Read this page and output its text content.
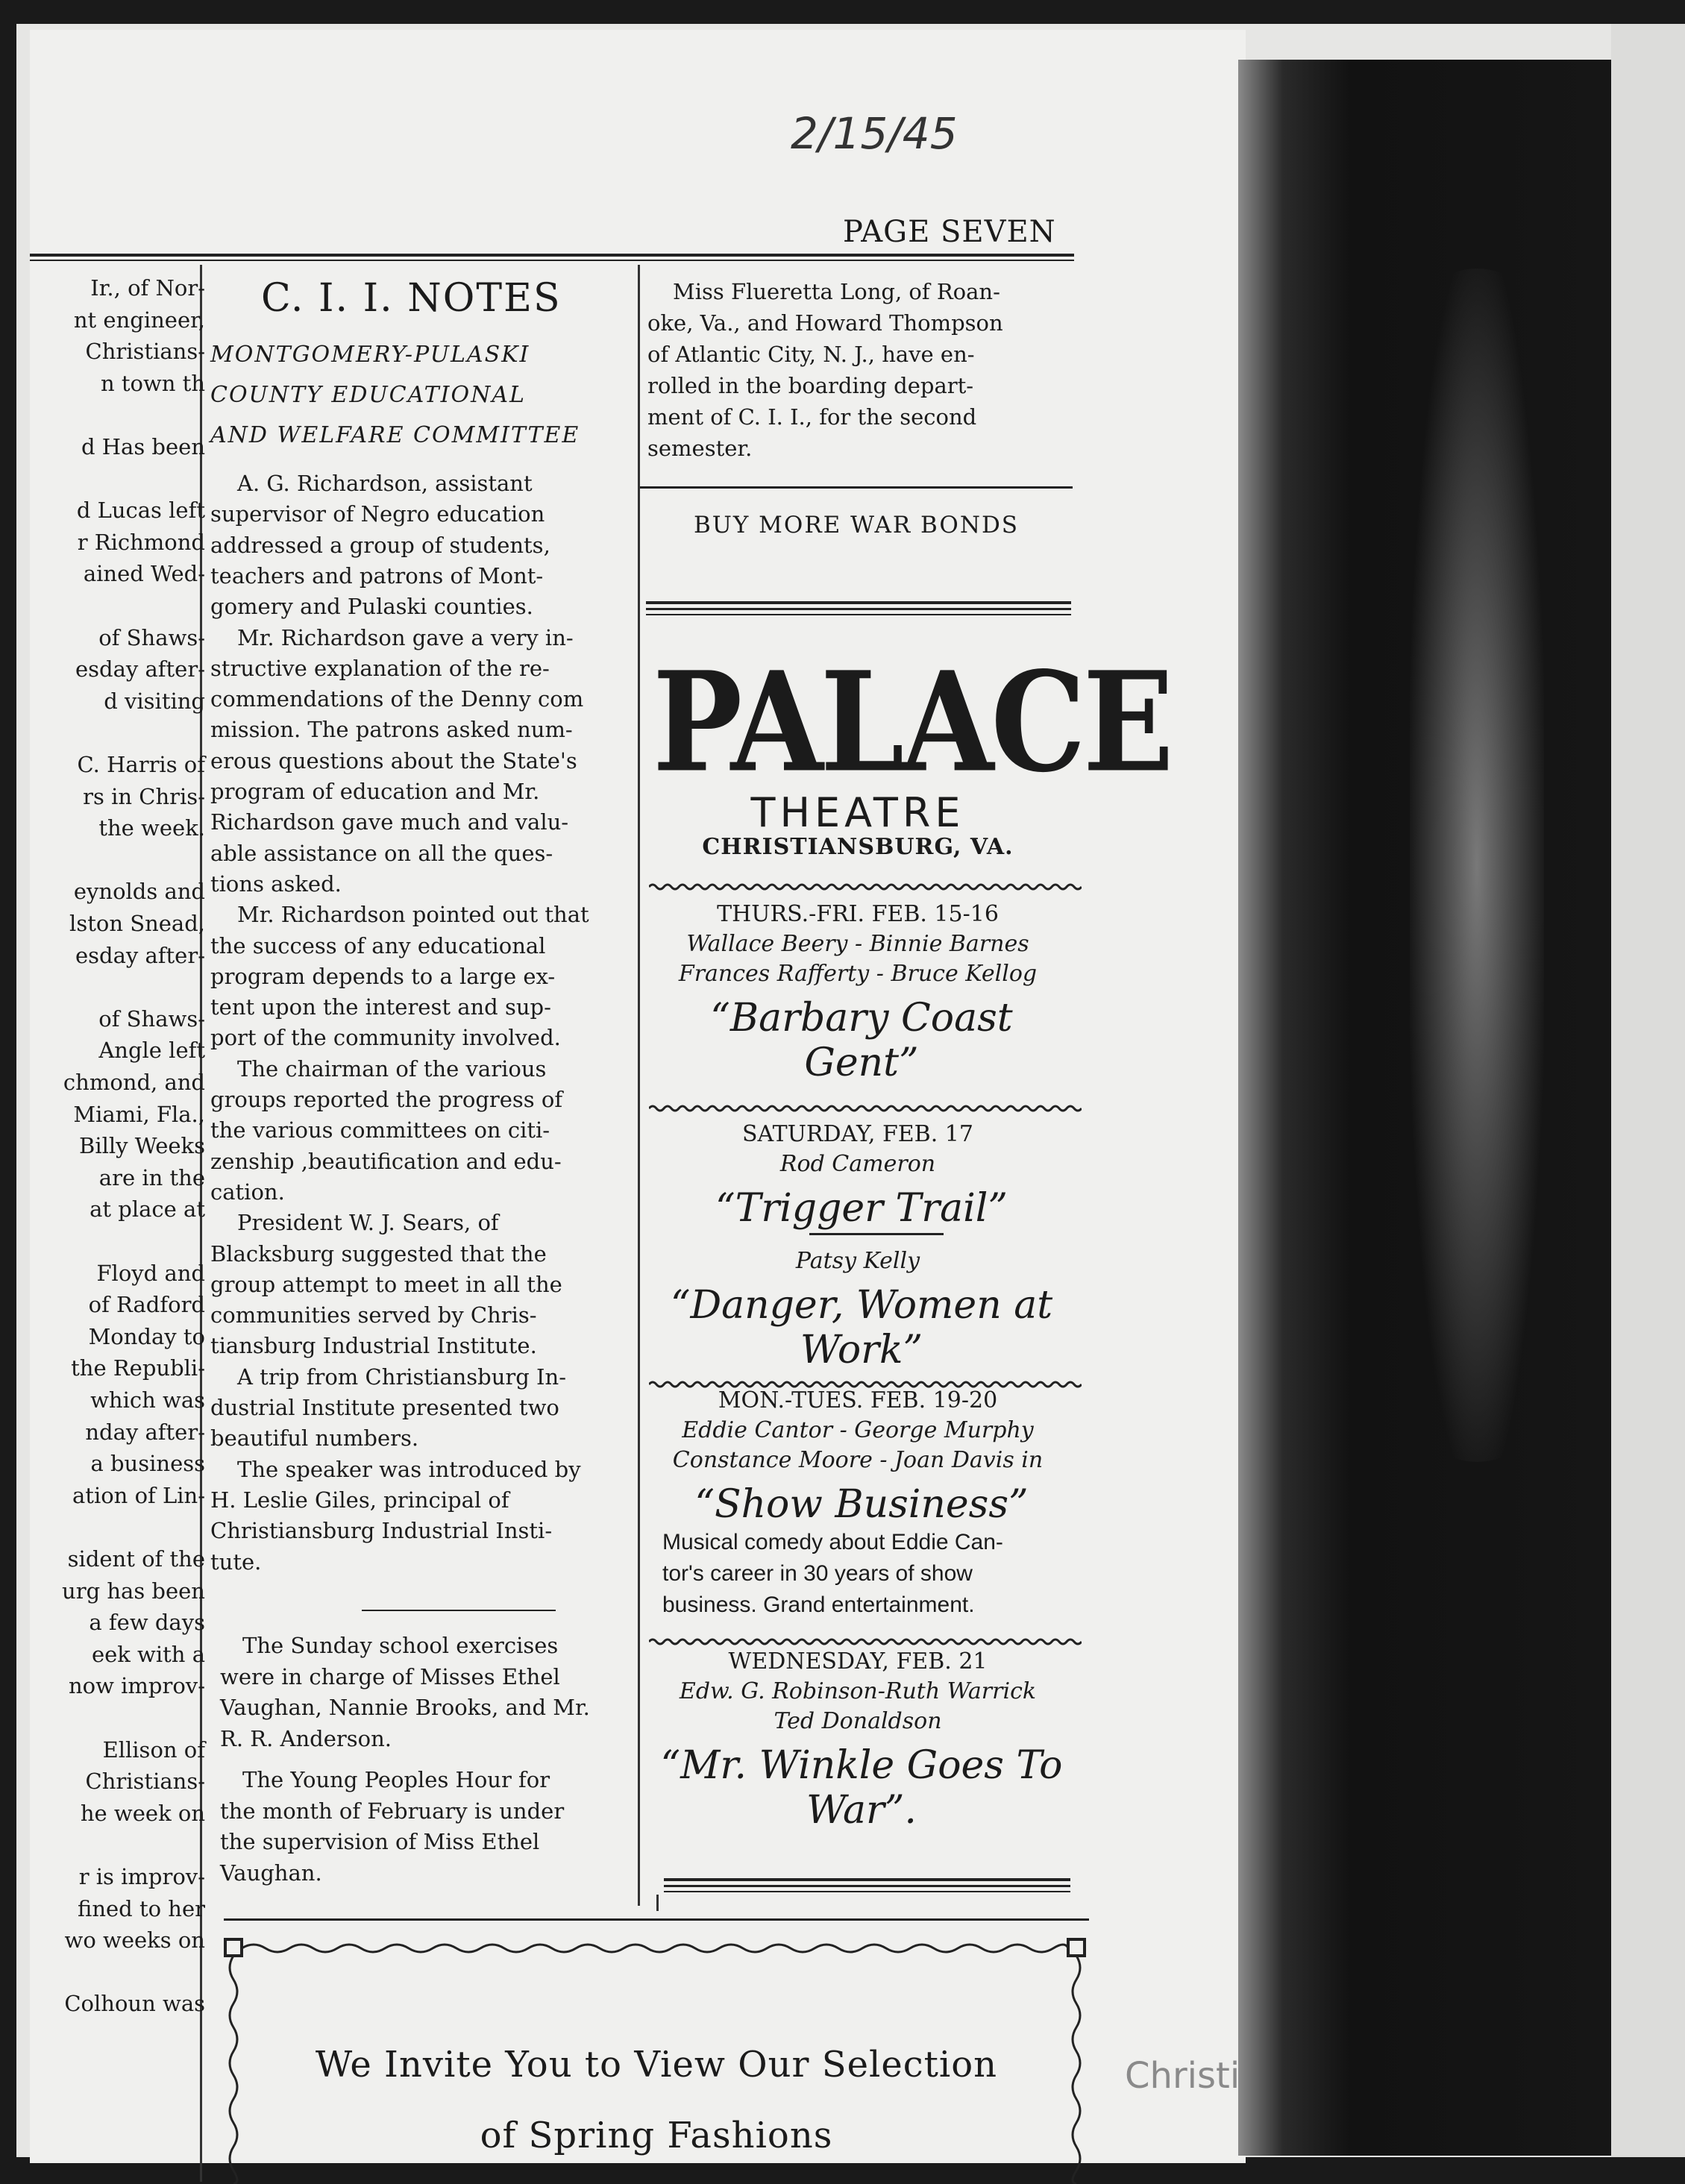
2/15/45
PAGE SEVEN
Ir., of Nor-
nt engineer,
Christians-
n town th
d Has been
d Lucas left
r Richmond
ained Wed-
of Shaws-
esday after-
d visiting
C. Harris of
rs in Chris-
the week.
eynolds and
lston Snead,
esday after-
of Shaws-
Angle left
chmond, and
Miami, Fla.,
Billy Weeks
are in the
at place at
Floyd and
of Radford
Monday to
the Republi-
which was
nday after-
a business
ation of Lin-
sident of the
urg has been
a few days
eek with a
now improv-
Ellison of
Christians-
he week on
r is improv-
fined to her
wo weeks on
Colhoun was
C. I. I. NOTES
MONTGOMERY-PULASKI
COUNTY EDUCATIONAL
AND WELFARE COMMITTEE
A. G. Richardson, assistant
supervisor of Negro education
addressed a group of students,
teachers and patrons of Mont-
gomery and Pulaski counties.
Mr. Richardson gave a very in-
structive explanation of the re-
commendations of the Denny com
mission. The patrons asked num-
erous questions about the State's
program of education and Mr.
Richardson gave much and valu-
able assistance on all the ques-
tions asked.
Mr. Richardson pointed out that
the success of any educational
program depends to a large ex-
tent upon the interest and sup-
port of the community involved.
The chairman of the various
groups reported the progress of
the various committees on citi-
zenship ,beautification and edu-
cation.
President W. J. Sears, of
Blacksburg suggested that the
group attempt to meet in all the
communities served by Chris-
tiansburg Industrial Institute.
A trip from Christiansburg In-
dustrial Institute presented two
beautiful numbers.
The speaker was introduced by
H. Leslie Giles, principal of
Christiansburg Industrial Insti-
tute.
The Sunday school exercises
were in charge of Misses Ethel
Vaughan, Nannie Brooks, and Mr.
R. R. Anderson.
The Young Peoples Hour for
the month of February is under
the supervision of Miss Ethel
Vaughan.
Miss Flueretta Long, of Roan-
oke, Va., and Howard Thompson
of Atlantic City, N. J., have en-
rolled in the boarding depart-
ment of C. I. I., for the second
semester.
BUY MORE WAR BONDS
PALACE
THEATRE
CHRISTIANSBURG, VA.
THURS.-FRI. FEB. 15-16
Wallace Beery - Binnie Barnes
Frances Rafferty - Bruce Kellog
“Barbary Coast
Gent”
SATURDAY, FEB. 17
Rod Cameron
“Trigger Trail”
Patsy Kelly
“Danger, Women at
Work”
MON.-TUES. FEB. 19-20
Eddie Cantor - George Murphy
Constance Moore - Joan Davis in
“Show Business”
Musical comedy about Eddie Can-
tor's career in 30 years of show
business. Grand entertainment.
WEDNESDAY, FEB. 21
Edw. G. Robinson-Ruth Warrick
Ted Donaldson
“Mr. Winkle Goes To
War”.
We Invite You to View Our Selection
of Spring Fashions
Christi
